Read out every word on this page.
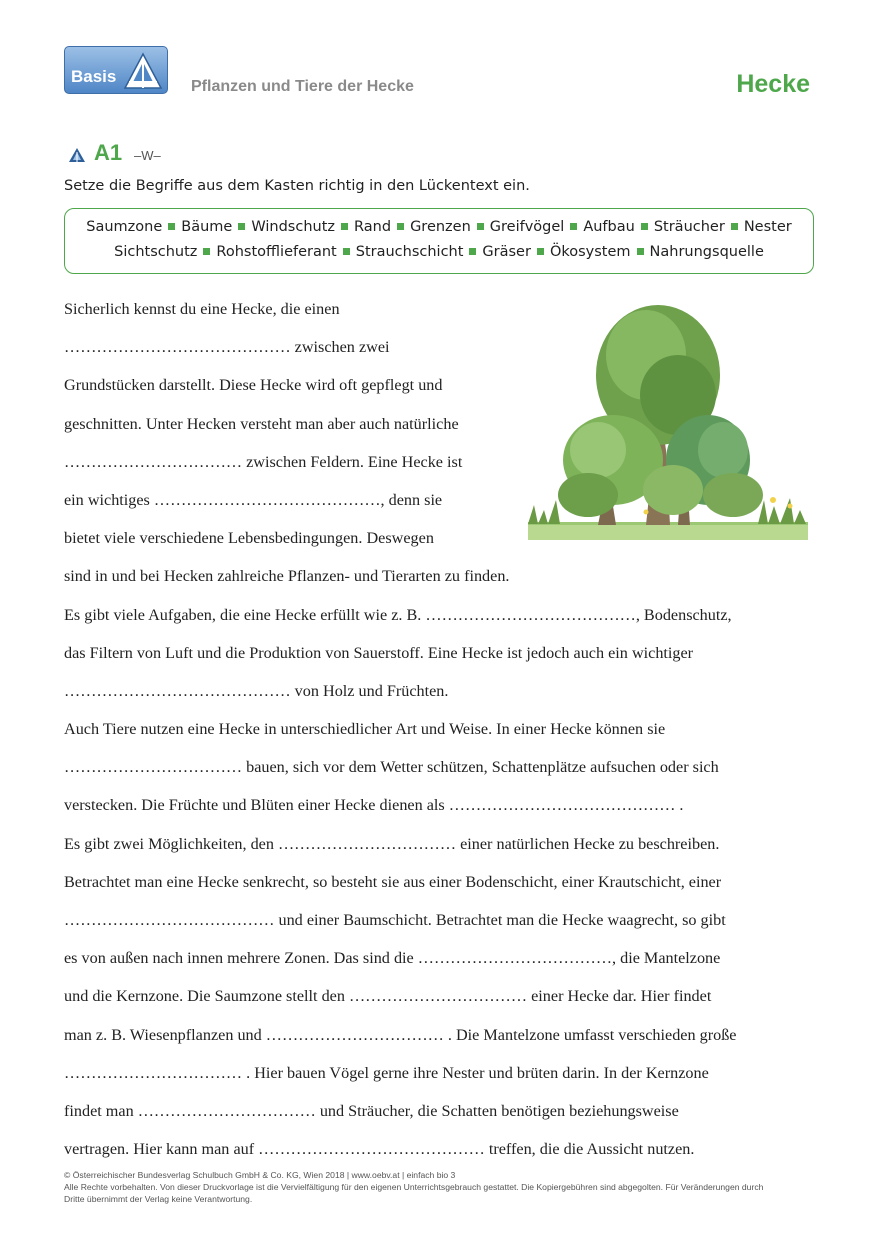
Basis
Pflanzen und Tiere der Hecke	Hecke
A1 –W–
Setze die Begriffe aus dem Kasten richtig in den Lückentext ein.
Saumzone Bäume Windschutz Rand Grenzen Greifvögel Aufbau Sträucher Nester
Sichtschutz Rohstofflieferant Strauchschicht Gräser Ökosystem Nahrungsquelle
Sicherlich kennst du eine Hecke, die einen
…………………………………… zwischen zwei
Grundstücken darstellt. Diese Hecke wird oft gepflegt und
geschnitten. Unter Hecken versteht man aber auch natürliche
…………………………… zwischen Feldern. Eine Hecke ist
ein wichtiges ……………………………………, denn sie
bietet viele verschiedene Lebensbedingungen. Deswegen
sind in und bei Hecken zahlreiche Pflanzen- und Tierarten zu finden.
Es gibt viele Aufgaben, die eine Hecke erfüllt wie z. B. …………………………………, Bodenschutz,
das Filtern von Luft und die Produktion von Sauerstoff. Eine Hecke ist jedoch auch ein wichtiger
…………………………………… von Holz und Früchten.
Auch Tiere nutzen eine Hecke in unterschiedlicher Art und Weise. In einer Hecke können sie
…………………………… bauen, sich vor dem Wetter schützen, Schattenplätze aufsuchen oder sich
verstecken. Die Früchte und Blüten einer Hecke dienen als …………………………………… .
Es gibt zwei Möglichkeiten, den …………………………… einer natürlichen Hecke zu beschreiben.
Betrachtet man eine Hecke senkrecht, so besteht sie aus einer Bodenschicht, einer Krautschicht, einer
………………………………… und einer Baumschicht. Betrachtet man die Hecke waagrecht, so gibt
es von außen nach innen mehrere Zonen. Das sind die ………………………………, die Mantelzone
und die Kernzone. Die Saumzone stellt den …………………………… einer Hecke dar. Hier findet
man z. B. Wiesenpflanzen und …………………………… . Die Mantelzone umfasst verschieden große
…………………………… . Hier bauen Vögel gerne ihre Nester und brüten darin. In der Kernzone
findet man …………………………… und Sträucher, die Schatten benötigen beziehungsweise
vertragen. Hier kann man auf …………………………………… treffen, die die Aussicht nutzen.
© Österreichischer Bundesverlag Schulbuch GmbH & Co. KG, Wien 2018 | www.oebv.at | einfach bio 3
Alle Rechte vorbehalten. Von dieser Druckvorlage ist die Vervielfältigung für den eigenen Unterrichtsgebrauch gestattet. Die Kopiergebühren sind abgegolten. Für Veränderungen durch
Dritte übernimmt der Verlag keine Verantwortung.
